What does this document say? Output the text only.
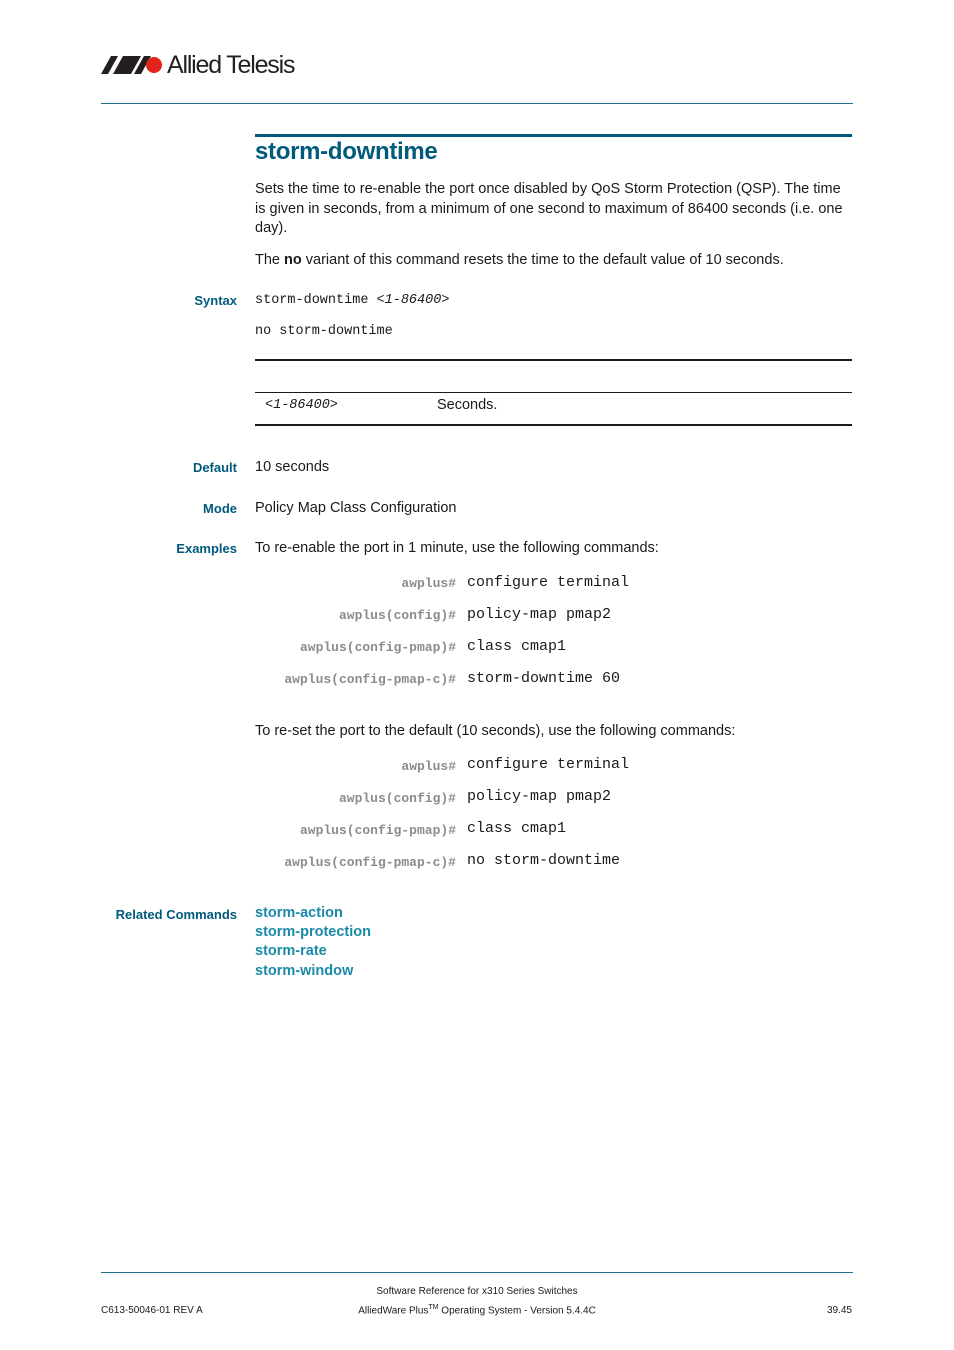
Allied Telesis
storm-downtime

Sets the time to re-enable the port once disabled by QoS Storm Protection (QSP). The time is given in seconds, from a minimum of one second to maximum of 86400 seconds (i.e. one day).

The no variant of this command resets the time to the default value of 10 seconds.

Syntax storm-downtime <1-86400>
no storm-downtime
<1-86400>	Seconds.
Default 10 seconds
Mode Policy Map Class Configuration
Examples To re-enable the port in 1 minute, use the following commands:
awplus# configure terminal
awplus(config)# policy-map pmap2
awplus(config-pmap)# class cmap1
awplus(config-pmap-c)# storm-downtime 60
To re-set the port to the default (10 seconds), use the following commands:
awplus# configure terminal
awplus(config)# policy-map pmap2
awplus(config-pmap)# class cmap1
awplus(config-pmap-c)# no storm-downtime
Related Commands storm-action
storm-protection
storm-rate
storm-window
Software Reference for x310 Series Switches
AlliedWare Plus™ Operating System - Version 5.4.4C
C613-50046-01 REV A	39.45
